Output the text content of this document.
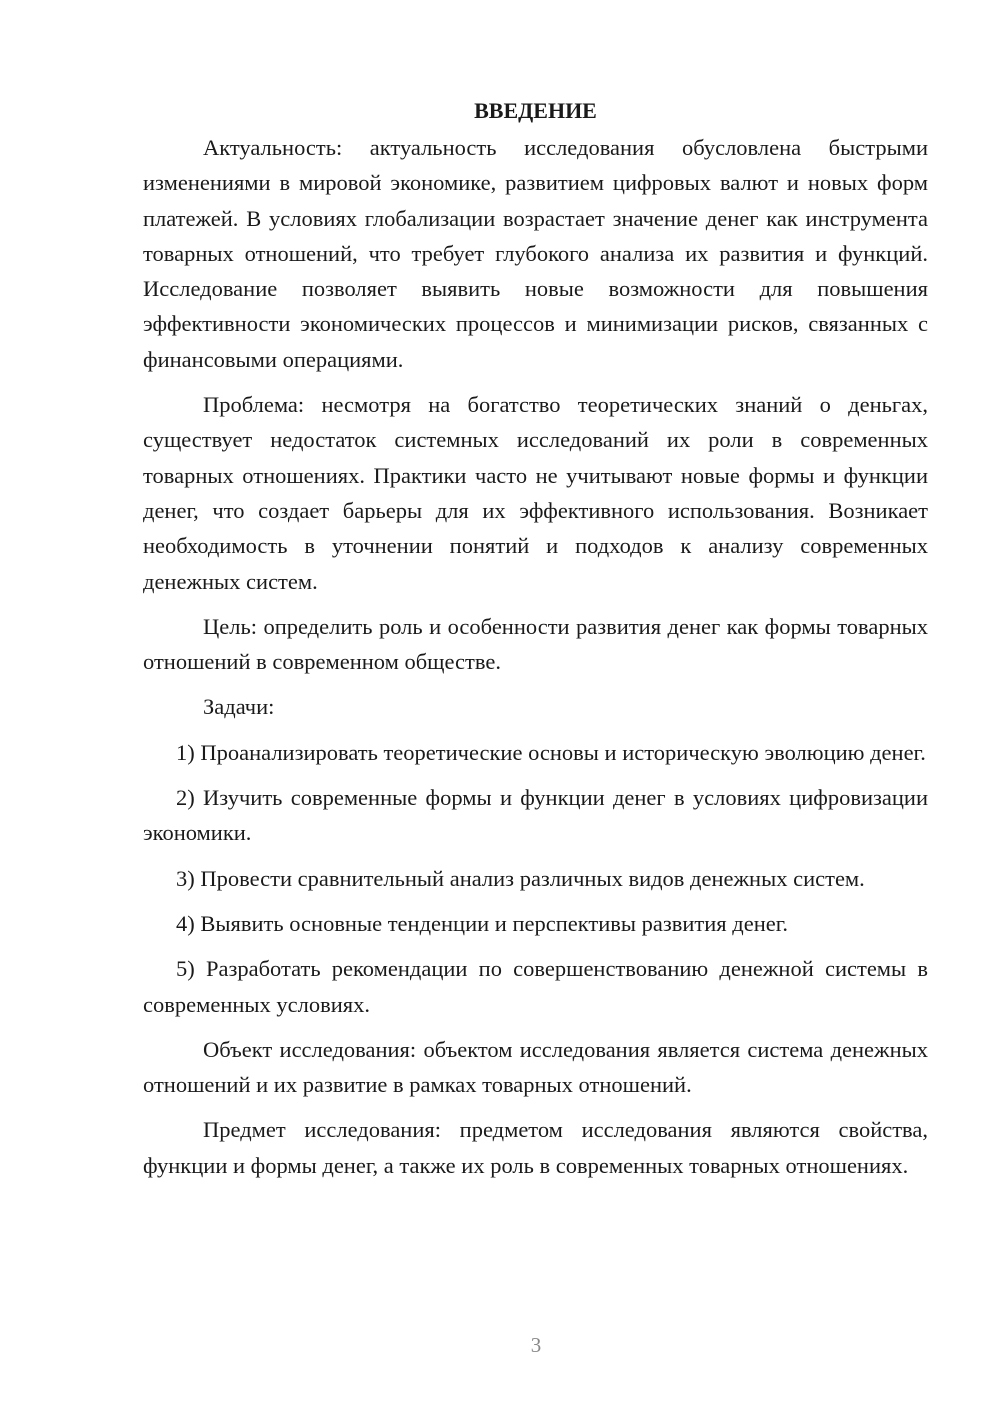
ВВЕДЕНИЕ

Актуальность: актуальность исследования обусловлена быстрыми изменениями в мировой экономике, развитием цифровых валют и новых форм платежей. В условиях глобализации возрастает значение денег как инструмента товарных отношений, что требует глубокого анализа их развития и функций. Исследование позволяет выявить новые возможности для повышения эффективности экономических процессов и минимизации рисков, связанных с финансовыми операциями.

Проблема: несмотря на богатство теоретических знаний о деньгах, существует недостаток системных исследований их роли в современных товарных отношениях. Практики часто не учитывают новые формы и функции денег, что создает барьеры для их эффективного использования. Возникает необходимость в уточнении понятий и подходов к анализу современных денежных систем.

Цель: определить роль и особенности развития денег как формы товарных отношений в современном обществе.

Задачи:

1) Проанализировать теоретические основы и историческую эволюцию денег.

2) Изучить современные формы и функции денег в условиях цифровизации экономики.

3) Провести сравнительный анализ различных видов денежных систем.

4) Выявить основные тенденции и перспективы развития денег.

5) Разработать рекомендации по совершенствованию денежной системы в современных условиях.

Объект исследования: объектом исследования является система денежных отношений и их развитие в рамках товарных отношений.

Предмет исследования: предметом исследования являются свойства, функции и формы денег, а также их роль в современных товарных отношениях.

3
